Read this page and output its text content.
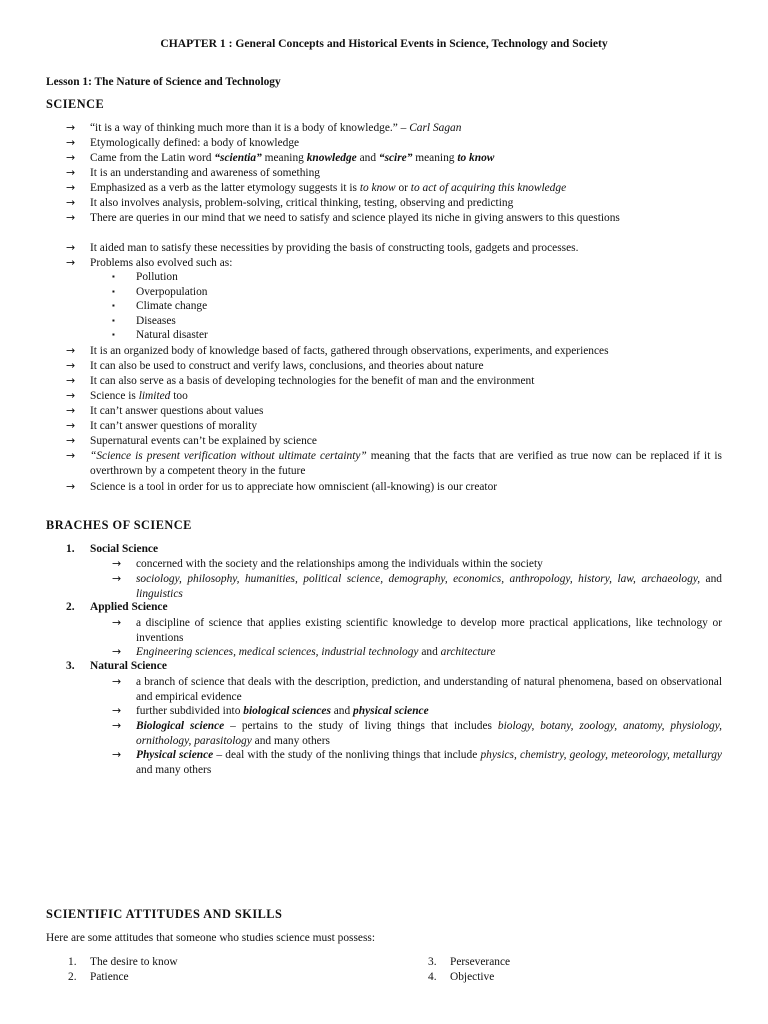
CHAPTER 1 : General Concepts and Historical Events in Science, Technology and Society
Lesson 1: The Nature of Science and Technology
SCIENCE
→	“it is a way of thinking much more than it is a body of knowledge.” – Carl Sagan
→	Etymologically defined: a body of knowledge
→	Came from the Latin word “scientia” meaning knowledge and “scire” meaning to know
→	It is an understanding and awareness of something
→	Emphasized as a verb as the latter etymology suggests it is to know or to act of acquiring this knowledge
→	It also involves analysis, problem-solving, critical thinking, testing, observing and predicting
→	There are queries in our mind that we need to satisfy and science played its niche in giving answers to this questions
→	It aided man to satisfy these necessities by providing the basis of constructing tools, gadgets and processes.
→	Problems also evolved such as:
▪	Pollution
▪	Overpopulation
▪	Climate change
▪	Diseases
▪	Natural disaster
→	It is an organized body of knowledge based of facts, gathered through observations, experiments, and experiences
→	It can also be used to construct and verify laws, conclusions, and theories about nature
→	It can also serve as a basis of developing technologies for the benefit of man and the environment
→	Science is limited too
→	It can’t answer questions about values
→	It can’t answer questions of morality
→	Supernatural events can’t be explained by science
→	“Science is present verification without ultimate certainty” meaning that the facts that are verified as true now can be replaced if it is overthrown by a competent theory in the future
→	Science is a tool in order for us to appreciate how omniscient (all-knowing) is our creator
BRACHES OF SCIENCE
1. Social Science
→	concerned with the society and the relationships among the individuals within the society
→	sociology, philosophy, humanities, political science, demography, economics, anthropology, history, law, archaeology, and linguistics
2. Applied Science
→	a discipline of science that applies existing scientific knowledge to develop more practical applications, like technology or inventions
→	Engineering sciences, medical sciences, industrial technology and architecture
3. Natural Science
→	a branch of science that deals with the description, prediction, and understanding of natural phenomena, based on observational and empirical evidence
→	further subdivided into biological sciences and physical science
→	Biological science – pertains to the study of living things that includes biology, botany, zoology, anatomy, physiology, ornithology, parasitology and many others
→	Physical science – deal with the study of the nonliving things that include physics, chemistry, geology, meteorology, metallurgy and many others
SCIENTIFIC ATTITUDES AND SKILLS
Here are some attitudes that someone who studies science must possess:
1. The desire to know
2. Patience
3. Perseverance
4. Objective
